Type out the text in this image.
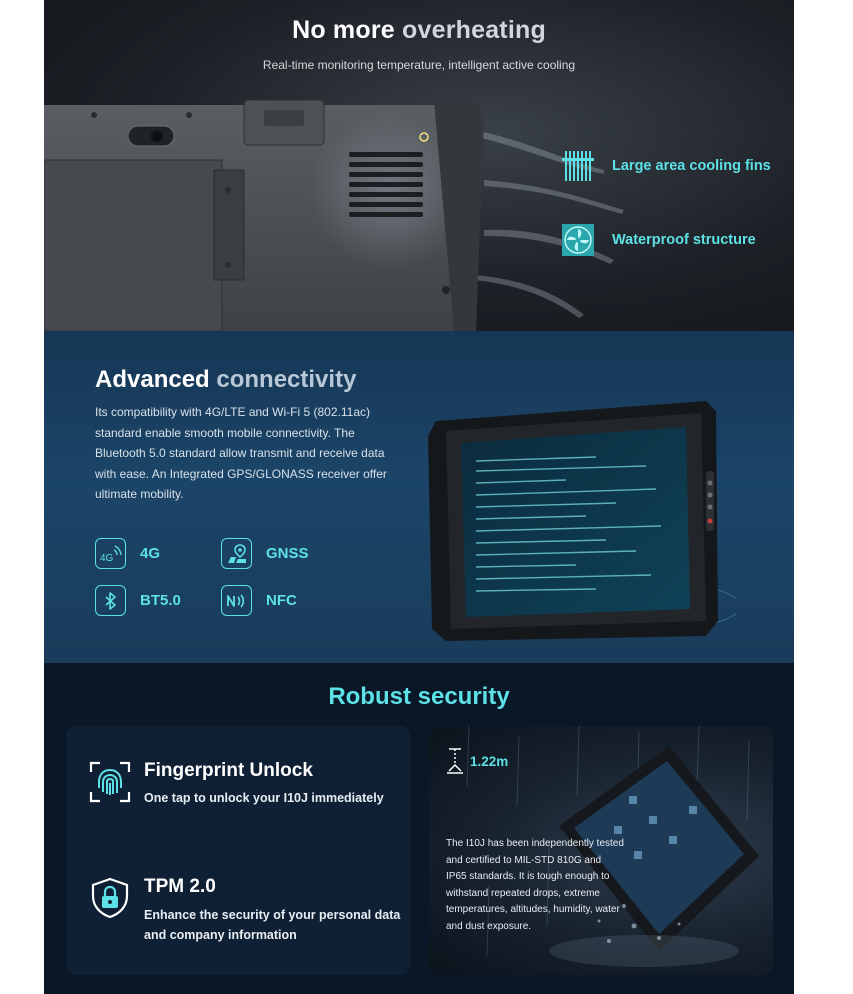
No more overheating
Real-time monitoring temperature, intelligent active cooling
Large area cooling fins
Waterproof structure
Advanced connectivity
Its compatibility with 4G/LTE and Wi-Fi 5 (802.11ac) standard enable smooth mobile connectivity. The Bluetooth 5.0 standard allow transmit and receive data with ease. An Integrated GPS/GLONASS receiver offer ultimate mobility.
4G 4G	GNSS
BT5.0	NFC
Robust security
Fingerprint Unlock
One tap to unlock your I10J immediately
TPM 2.0
Enhance the security of your personal data and company information
1.22m
The I10J has been independently tested and certified to MIL-STD 810G and IP65 standards. It is tough enough to withstand repeated drops, extreme temperatures, altitudes, humidity, water and dust exposure.
